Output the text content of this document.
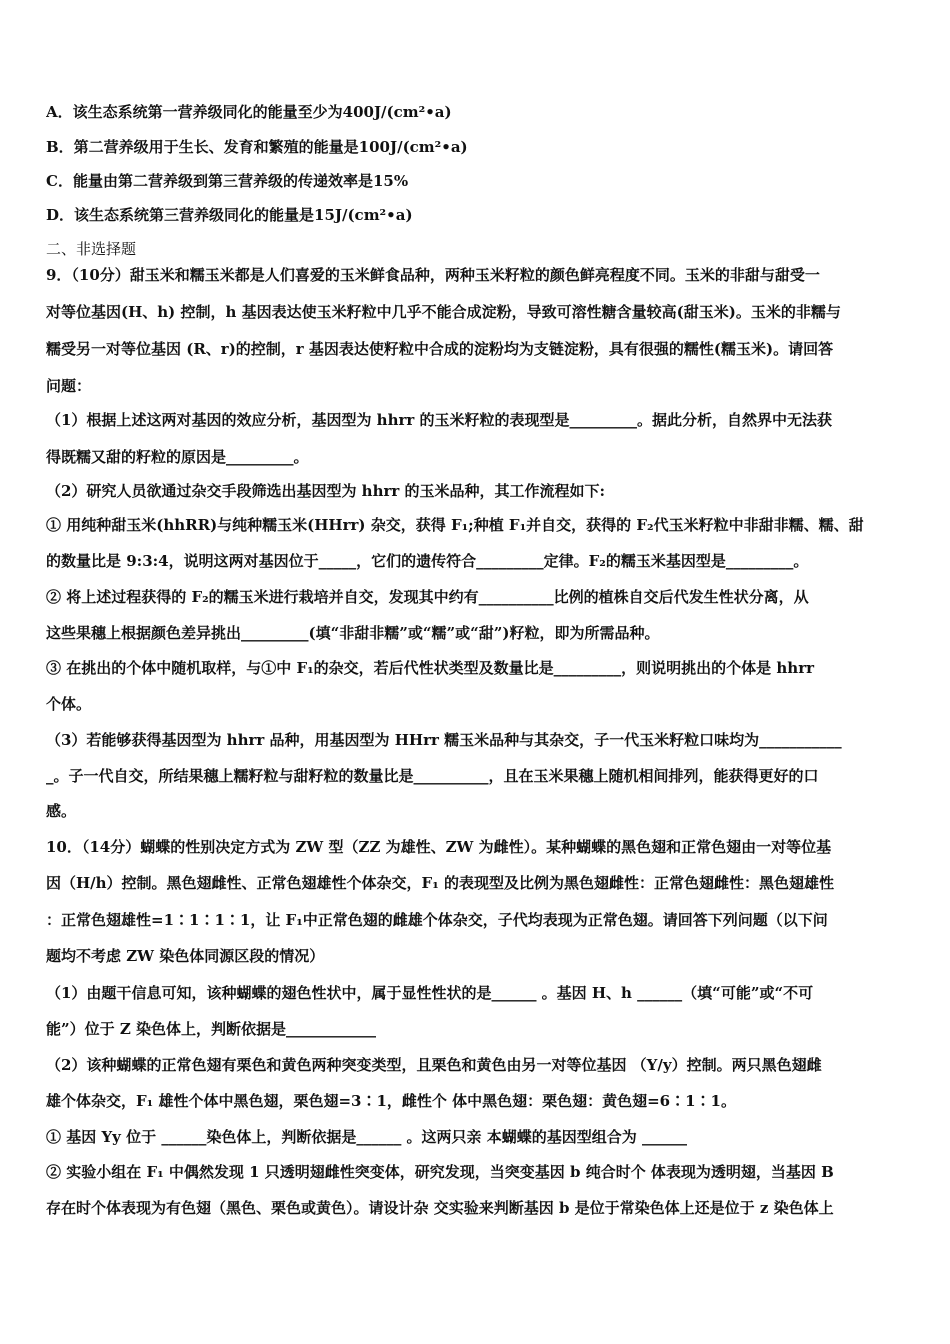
A．该生态系统第一营养级同化的能量至少为400J/(cm²•a)
B．第二营养级用于生长、发育和繁殖的能量是100J/(cm²•a)
C．能量由第二营养级到第三营养级的传递效率是15%
D．该生态系统第三营养级同化的能量是15J/(cm²•a)
二、非选择题
9．（10分）甜玉米和糯玉米都是人们喜爱的玉米鲜食品种，两种玉米籽粒的颜色鲜亮程度不同。玉米的非甜与甜受一
对等位基因(H、h) 控制，h 基因表达使玉米籽粒中几乎不能合成淀粉，导致可溶性糖含量较高(甜玉米)。玉米的非糯与
糯受另一对等位基因 (R、r)的控制，r 基因表达使籽粒中合成的淀粉均为支链淀粉，具有很强的糯性(糯玉米)。请回答
问题：
（1）根据上述这两对基因的效应分析，基因型为 hhrr 的玉米籽粒的表现型是_________。据此分析，自然界中无法获
得既糯又甜的籽粒的原因是_________。
（2）研究人员欲通过杂交手段筛选出基因型为 hhrr 的玉米品种，其工作流程如下:
① 用纯种甜玉米(hhRR)与纯种糯玉米(HHrr) 杂交，获得 F₁;种植 F₁并自交，获得的 F₂代玉米籽粒中非甜非糯、糯、甜
的数量比是 9:3:4，说明这两对基因位于_____，它们的遗传符合_________定律。F₂的糯玉米基因型是_________。
② 将上述过程获得的 F₂的糯玉米进行栽培并自交，发现其中约有__________比例的植株自交后代发生性状分离，从
这些果穗上根据颜色差异挑出_________(填“非甜非糯”或“糯”或“甜”)籽粒，即为所需品种。
③ 在挑出的个体中随机取样，与①中 F₁的杂交，若后代性状类型及数量比是_________，则说明挑出的个体是 hhrr
个体。
（3）若能够获得基因型为 hhrr 品种，用基因型为 HHrr 糯玉米品种与其杂交，子一代玉米籽粒口味均为___________
_。子一代自交，所结果穗上糯籽粒与甜籽粒的数量比是__________，且在玉米果穗上随机相间排列，能获得更好的口
感。
10．（14分）蝴蝶的性别决定方式为 ZW 型（ZZ 为雄性、ZW 为雌性）。某种蝴蝶的黑色翅和正常色翅由一对等位基
因（H/h）控制。黑色翅雌性、正常色翅雄性个体杂交，F₁ 的表现型及比例为黑色翅雌性：正常色翅雌性：黑色翅雄性
：正常色翅雄性=1∶1∶1∶1，让 F₁中正常色翅的雌雄个体杂交，子代均表现为正常色翅。请回答下列问题（以下问
题均不考虑 ZW 染色体同源区段的情况）
（1）由题干信息可知，该种蝴蝶的翅色性状中，属于显性性状的是______ 。基因 H、h ______（填“可能”或“不可
能”）位于 Z 染色体上，判断依据是____________
（2）该种蝴蝶的正常色翅有栗色和黄色两种突变类型，且栗色和黄色由另一对等位基因 （Y/y）控制。两只黑色翅雌
雄个体杂交，F₁ 雄性个体中黑色翅，栗色翅=3∶1，雌性个 体中黑色翅：栗色翅：黄色翅=6∶1∶1。
① 基因 Yy 位于 ______染色体上，判断依据是______ 。这两只亲 本蝴蝶的基因型组合为 ______
② 实验小组在 F₁ 中偶然发现 1 只透明翅雌性突变体，研究发现，当突变基因 b 纯合时个 体表现为透明翅，当基因 B
存在时个体表现为有色翅（黑色、栗色或黄色）。请设计杂 交实验来判断基因 b 是位于常染色体上还是位于 z 染色体上
